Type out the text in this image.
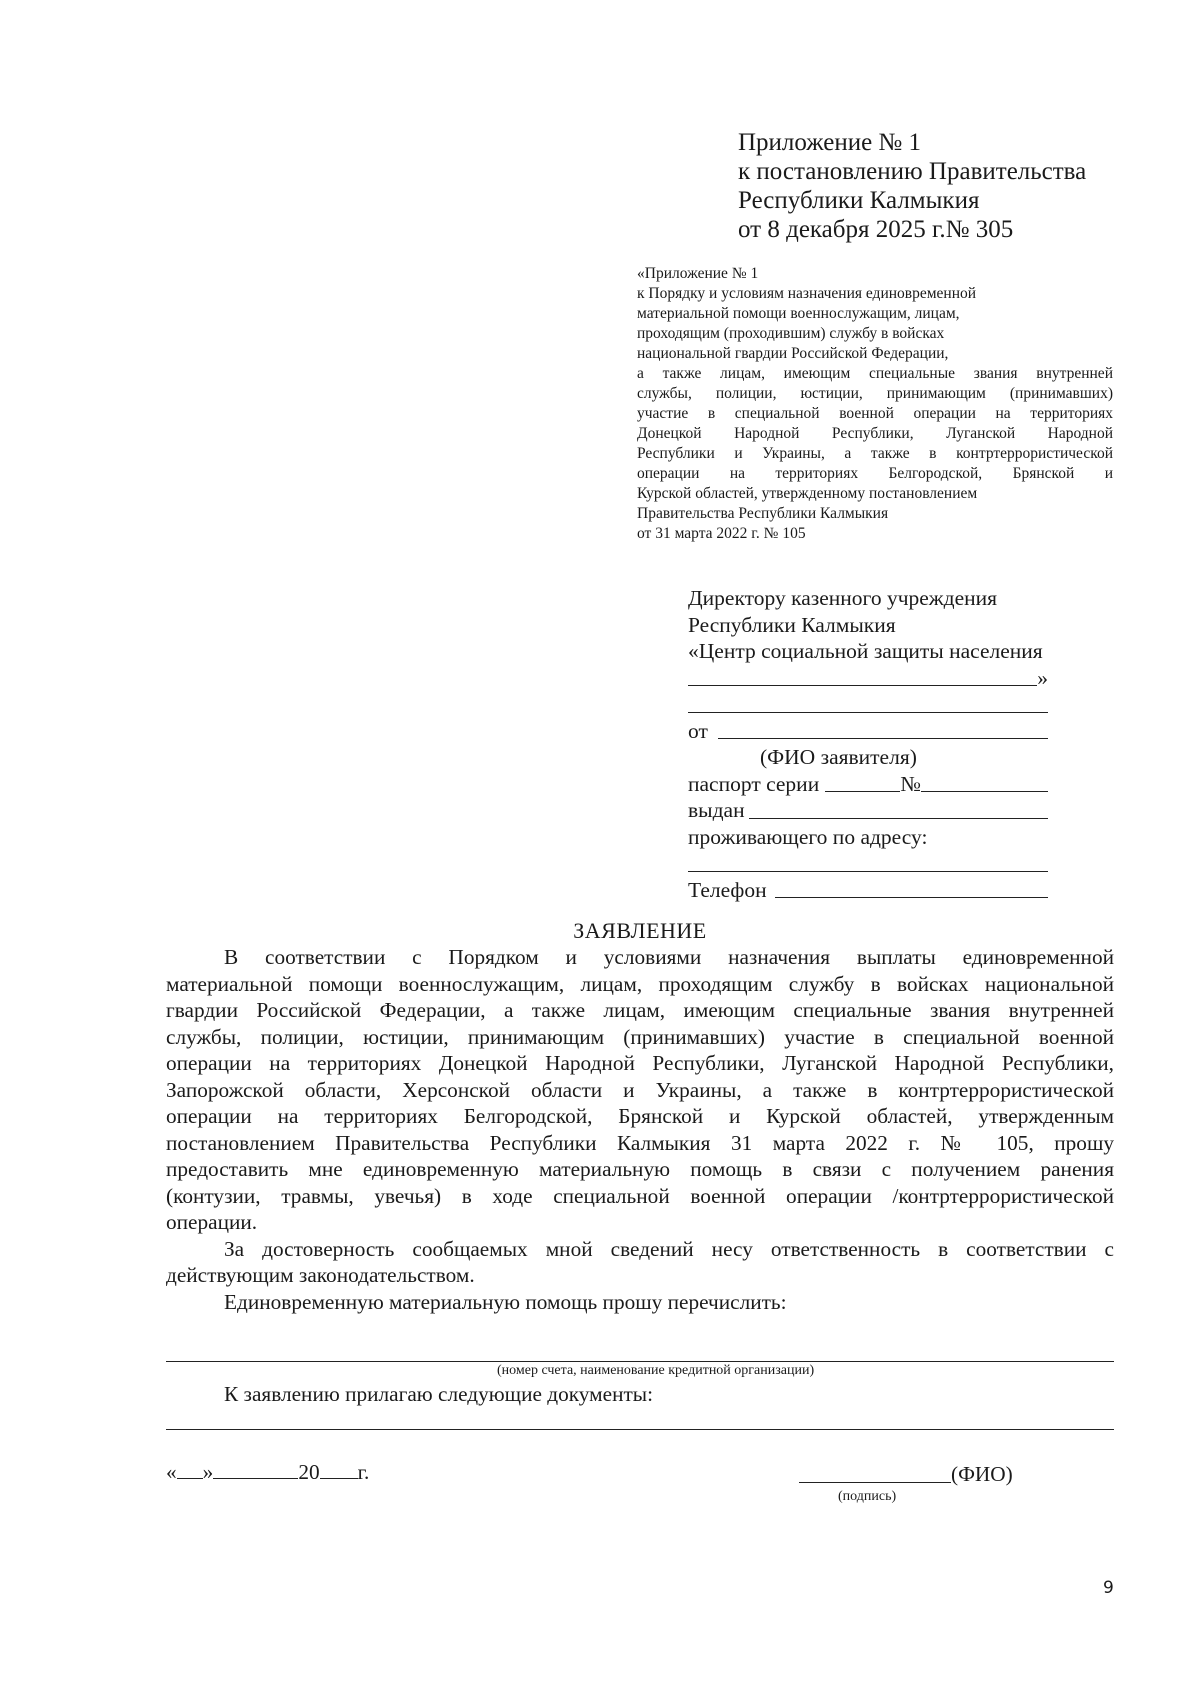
Приложение № 1
к постановлению Правительства
Республики Калмыкия
от 8 декабря 2025 г.№ 305
«Приложение № 1
к Порядку и условиям назначения единовременной
материальной помощи военнослужащим, лицам,
проходящим (проходившим) службу в войсках
национальной гвардии Российской Федерации,
а также лицам, имеющим специальные звания внутренней
службы, полиции, юстиции, принимающим (принимавших)
участие в специальной военной операции на территориях
Донецкой Народной Республики, Луганской Народной
Республики и Украины, а также в контртеррористической
операции на территориях Белгородской, Брянской и
Курской областей, утвержденному постановлением
Правительства Республики Калмыкия
от 31 марта 2022 г. № 105
Директору казенного учреждения
Республики Калмыкия
«Центр социальной защиты населения
»
от
(ФИО заявителя)
паспорт серии	№
выдан
проживающего по адресу:
Телефон
ЗАЯВЛЕНИЕ
В соответствии с Порядком и условиями назначения выплаты единовременной
материальной помощи военнослужащим, лицам, проходящим службу в войсках национальной
гвардии Российской Федерации, а также лицам, имеющим специальные звания внутренней
службы, полиции, юстиции, принимающим (принимавших) участие в специальной военной
операции на территориях Донецкой Народной Республики, Луганской Народной Республики,
Запорожской области, Херсонской области и Украины, а также в контртеррористической
операции на территориях Белгородской, Брянской и Курской областей, утвержденным
постановлением Правительства Республики Калмыкия 31 марта 2022 г. № 105, прошу
предоставить мне единовременную материальную помощь в связи с получением ранения
(контузии, травмы, увечья) в ходе специальной военной операции /контртеррористической
операции.
За достоверность сообщаемых мной сведений несу ответственность в соответствии с
действующим законодательством.
Единовременную материальную помощь прошу перечислить:
(номер счета, наименование кредитной организации)
К заявлению прилагаю следующие документы:
« »	20 г.	(ФИО)
(подпись)
9
